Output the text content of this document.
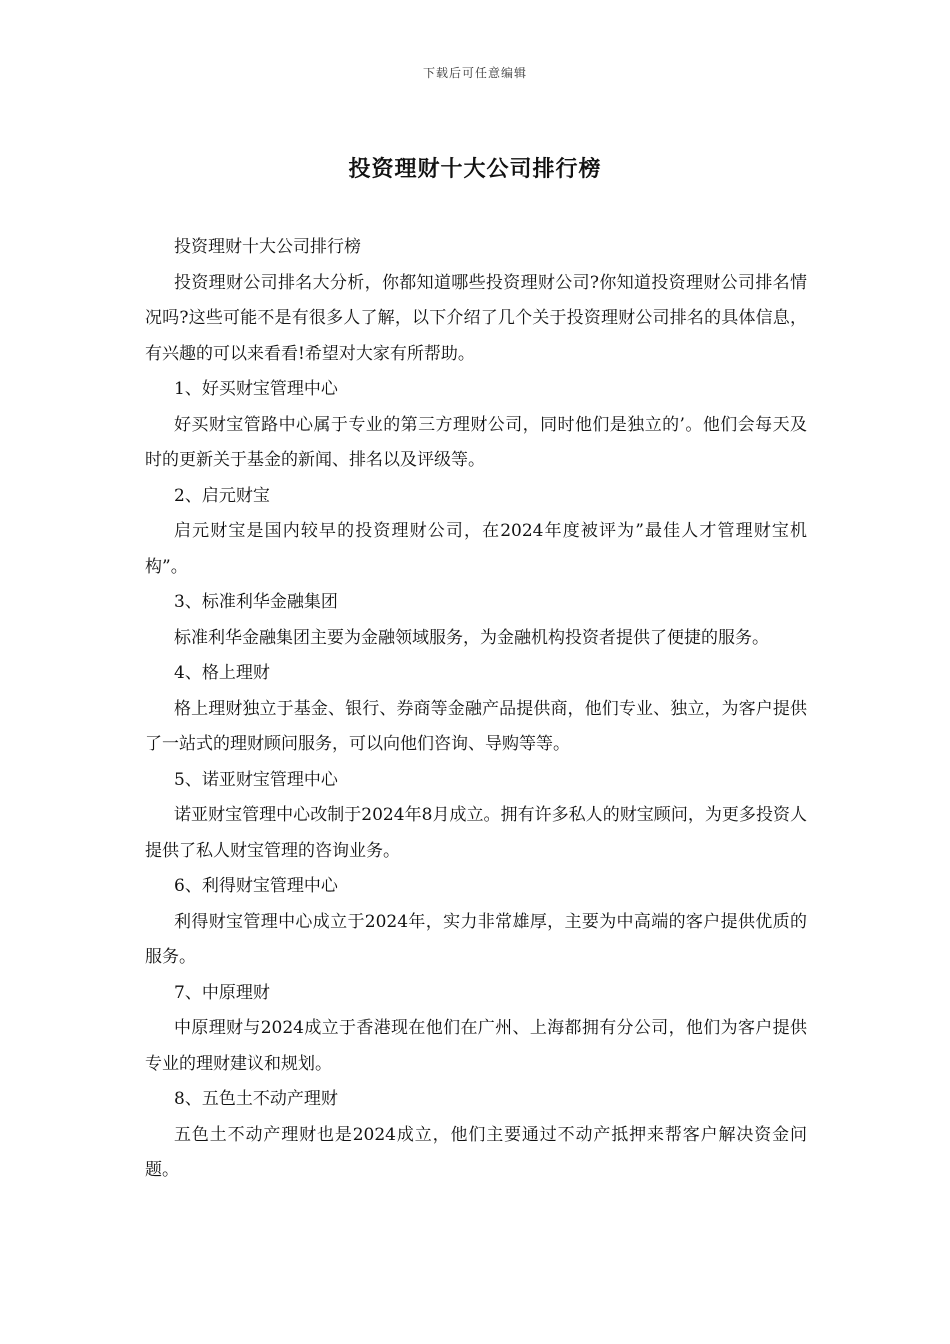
下载后可任意编辑
投资理财十大公司排行榜

投资理财十大公司排行榜

投资理财公司排名大分析，你都知道哪些投资理财公司?你知道投资理财公司排名情况吗?这些可能不是有很多人了解，以下介绍了几个关于投资理财公司排名的具体信息，有兴趣的可以来看看!希望对大家有所帮助。

1、好买财宝管理中心

好买财宝管路中心属于专业的第三方理财公司，同时他们是独立的’。他们会每天及时的更新关于基金的新闻、排名以及评级等。

2、启元财宝

启元财宝是国内较早的投资理财公司，在2024年度被评为”最佳人才管理财宝机构”。

3、标准利华金融集团

标准利华金融集团主要为金融领域服务，为金融机构投资者提供了便捷的服务。

4、格上理财

格上理财独立于基金、银行、券商等金融产品提供商，他们专业、独立，为客户提供了一站式的理财顾问服务，可以向他们咨询、导购等等。

5、诺亚财宝管理中心

诺亚财宝管理中心改制于2024年8月成立。拥有许多私人的财宝顾问，为更多投资人提供了私人财宝管理的咨询业务。

6、利得财宝管理中心

利得财宝管理中心成立于2024年，实力非常雄厚，主要为中高端的客户提供优质的服务。

7、中原理财

中原理财与2024成立于香港现在他们在广州、上海都拥有分公司，他们为客户提供专业的理财建议和规划。

8、五色土不动产理财

五色土不动产理财也是2024成立，他们主要通过不动产抵押来帮客户解决资金问题。
